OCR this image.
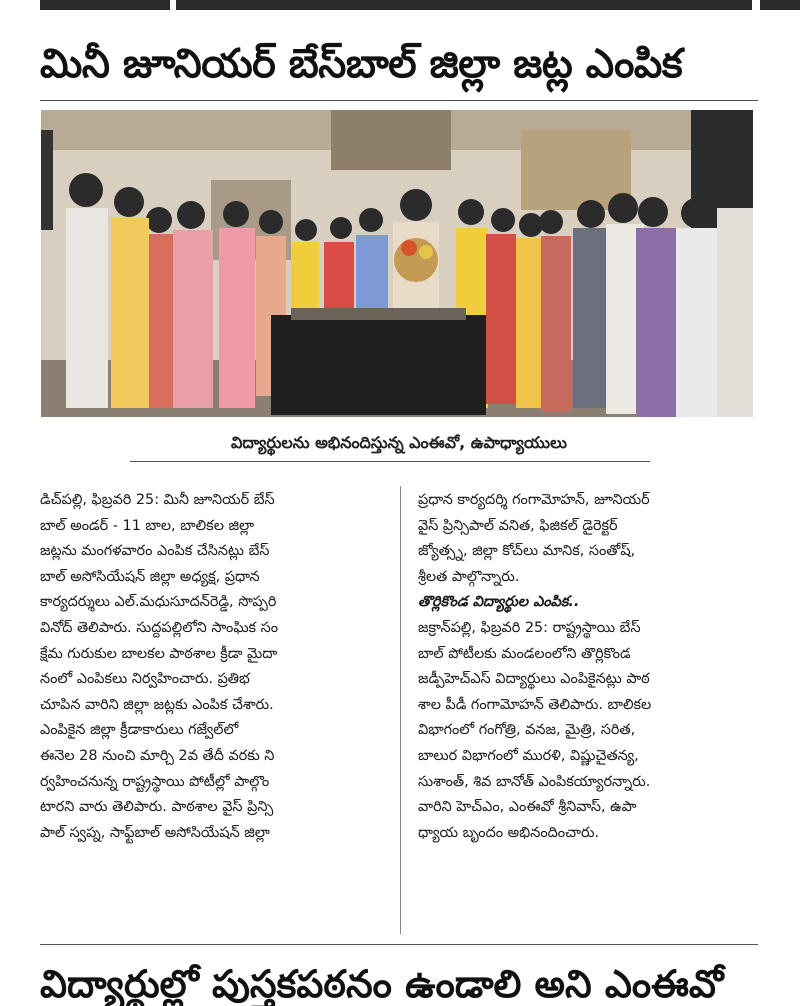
మినీ జూనియర్ బేస్‌బాల్ జిల్లా జట్ల ఎంపిక
విద్యార్థులను అభినందిస్తున్న ఎంఈవో, ఉపాధ్యాయులు
డిచ్‌పల్లి, ఫిబ్రవరి 25: మినీ జూనియర్ బేస్
బాల్ అండర్ - 11 బాల, బాలికల జిల్లా
జట్లను మంగళవారం ఎంపిక చేసినట్లు బేస్
బాల్ అసోసియేషన్ జిల్లా అధ్యక్ష, ప్రధాన
కార్యదర్శులు ఎల్.మధుసూదన్‌రెడ్డి, సొప్పరి
వినోద్ తెలిపారు. సుద్దపల్లిలోని సాంఘిక సం
క్షేమ గురుకుల బాలకల పాఠశాల క్రీడా మైదా
నంలో ఎంపికలు నిర్వహించారు. ప్రతిభ
చూపిన వారిని జిల్లా జట్లకు ఎంపిక చేశారు.
ఎంపికైన జిల్లా క్రీడాకారులు గజ్వేల్‌లో
ఈనెల 28 నుంచి మార్చి 2వ తేదీ వరకు ని
ర్వహించనున్న రాష్ట్రస్థాయి పోటీల్లో పాల్గొం
టారని వారు తెలిపారు. పాఠశాల వైస్ ప్రిన్సి
పాల్ స్వప్న, సాఫ్ట్‌బాల్ అసోసియేషన్ జిల్లా
ప్రధాన కార్యదర్శి గంగామోహన్, జూనియర్
వైస్ ప్రిన్సిపాల్ వనిత, ఫిజికల్ డైరెక్టర్
జ్యోత్స్న, జిల్లా కోచ్‌లు మానిక, సంతోష్,
శ్రీలత పాల్గొన్నారు.
తొర్లికొండ విద్యార్థుల ఎంపిక..
జక్రాన్‌పల్లి, ఫిబ్రవరి 25: రాష్ట్రస్థాయి బేస్
బాల్ పోటీలకు మండలంలోని తొర్లికొండ
జడ్పీహెచ్ఎస్ విద్యార్థులు ఎంపికైనట్లు పాఠ
శాల పీడీ గంగామోహన్ తెలిపారు. బాలికల
విభాగంలో గంగోత్రి, వనజ, మైత్రి, సరిత,
బాలుర విభాగంలో మురళి, విష్ణుచైతన్య,
సుశాంత్, శివ బానోత్ ఎంపికయ్యారన్నారు.
వారిని హెచ్ఎం, ఎంఈవో శ్రీనివాస్, ఉపా
ధ్యాయ బృందం అభినందించారు.
విద్యార్థుల్లో పుస్తకపఠనం ఉండాలి అని ఎంఈవో
